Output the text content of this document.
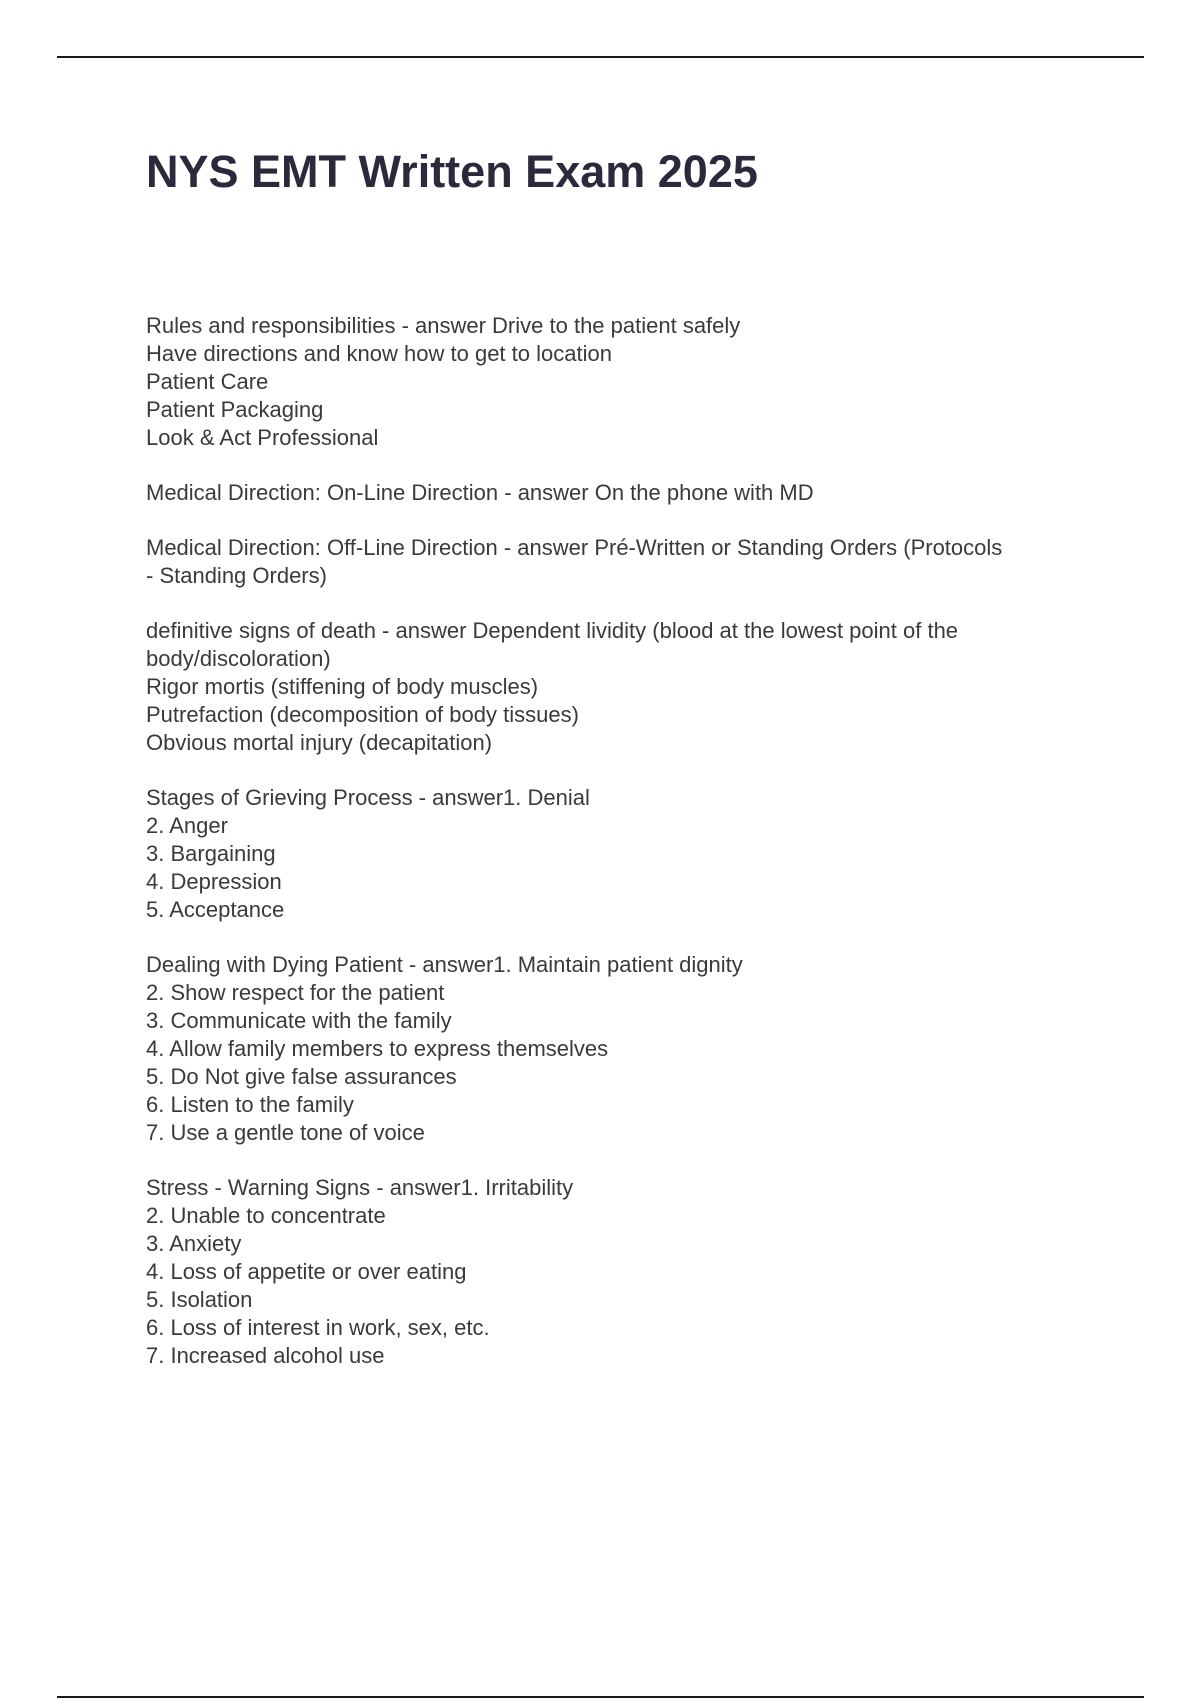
NYS EMT Written Exam 2025
Rules and responsibilities - answer Drive to the patient safely
Have directions and know how to get to location
Patient Care
Patient Packaging
Look & Act Professional
Medical Direction: On-Line Direction - answer On the phone with MD
Medical Direction: Off-Line Direction - answer Pré-Written or Standing Orders (Protocols
- Standing Orders)
definitive signs of death - answer Dependent lividity (blood at the lowest point of the
body/discoloration)
Rigor mortis (stiffening of body muscles)
Putrefaction (decomposition of body tissues)
Obvious mortal injury (decapitation)
Stages of Grieving Process - answer1. Denial
2. Anger
3. Bargaining
4. Depression
5. Acceptance
Dealing with Dying Patient - answer1. Maintain patient dignity
2. Show respect for the patient
3. Communicate with the family
4. Allow family members to express themselves
5. Do Not give false assurances
6. Listen to the family
7. Use a gentle tone of voice
Stress - Warning Signs - answer1. Irritability
2. Unable to concentrate
3. Anxiety
4. Loss of appetite or over eating
5. Isolation
6. Loss of interest in work, sex, etc.
7. Increased alcohol use
